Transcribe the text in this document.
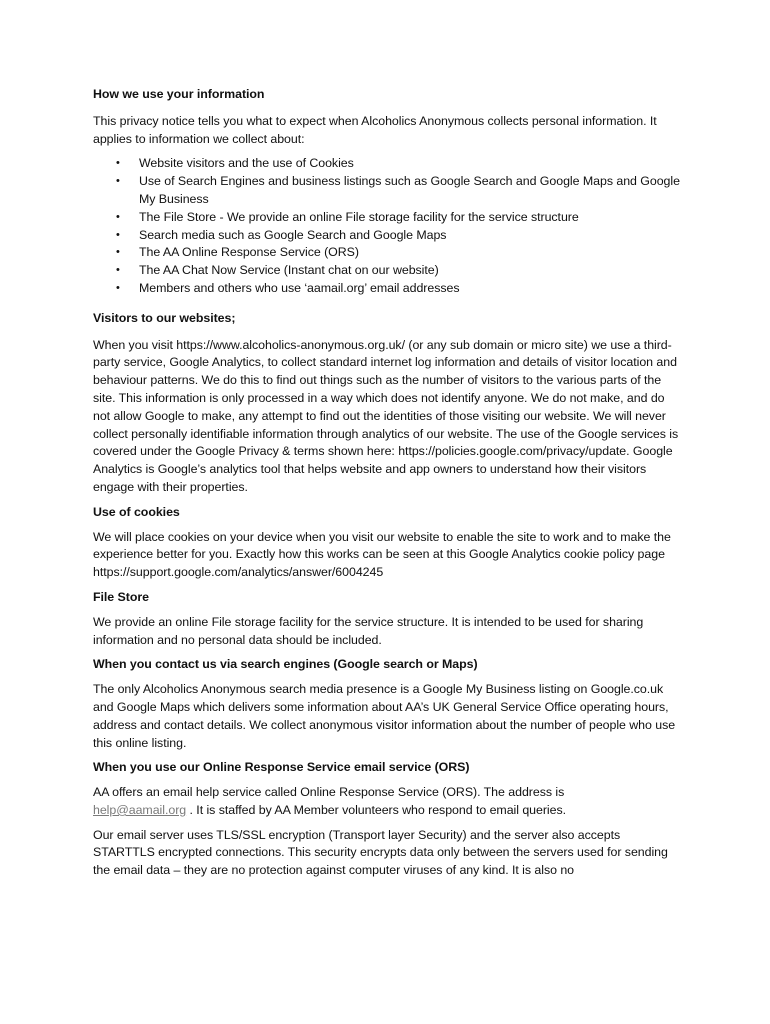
How we use your information

This privacy notice tells you what to expect when Alcoholics Anonymous collects personal information. It applies to information we collect about:

• Website visitors and the use of Cookies
• Use of Search Engines and business listings such as Google Search and Google Maps and Google My Business
• The File Store - We provide an online File storage facility for the service structure
• Search media such as Google Search and Google Maps
• The AA Online Response Service (ORS)
• The AA Chat Now Service (Instant chat on our website)
• Members and others who use ‘aamail.org’ email addresses

Visitors to our websites;

When you visit https://www.alcoholics-anonymous.org.uk/ (or any sub domain or micro site) we use a third-party service, Google Analytics, to collect standard internet log information and details of visitor location and behaviour patterns. We do this to find out things such as the number of visitors to the various parts of the site. This information is only processed in a way which does not identify anyone. We do not make, and do not allow Google to make, any attempt to find out the identities of those visiting our website. We will never collect personally identifiable information through analytics of our website. The use of the Google services is covered under the Google Privacy & terms shown here: https://policies.google.com/privacy/update. Google Analytics is Google’s analytics tool that helps website and app owners to understand how their visitors engage with their properties.

Use of cookies

We will place cookies on your device when you visit our website to enable the site to work and to make the experience better for you. Exactly how this works can be seen at this Google Analytics cookie policy page https://support.google.com/analytics/answer/6004245

File Store

We provide an online File storage facility for the service structure. It is intended to be used for sharing information and no personal data should be included.

When you contact us via search engines (Google search or Maps)

The only Alcoholics Anonymous search media presence is a Google My Business listing on Google.co.uk and Google Maps which delivers some information about AA’s UK General Service Office operating hours, address and contact details. We collect anonymous visitor information about the number of people who use this online listing.

When you use our Online Response Service email service (ORS)

AA offers an email help service called Online Response Service (ORS). The address is
help@aamail.org . It is staffed by AA Member volunteers who respond to email queries.

Our email server uses TLS/SSL encryption (Transport layer Security) and the server also accepts STARTTLS encrypted connections. This security encrypts data only between the servers used for sending the email data – they are no protection against computer viruses of any kind. It is also no
